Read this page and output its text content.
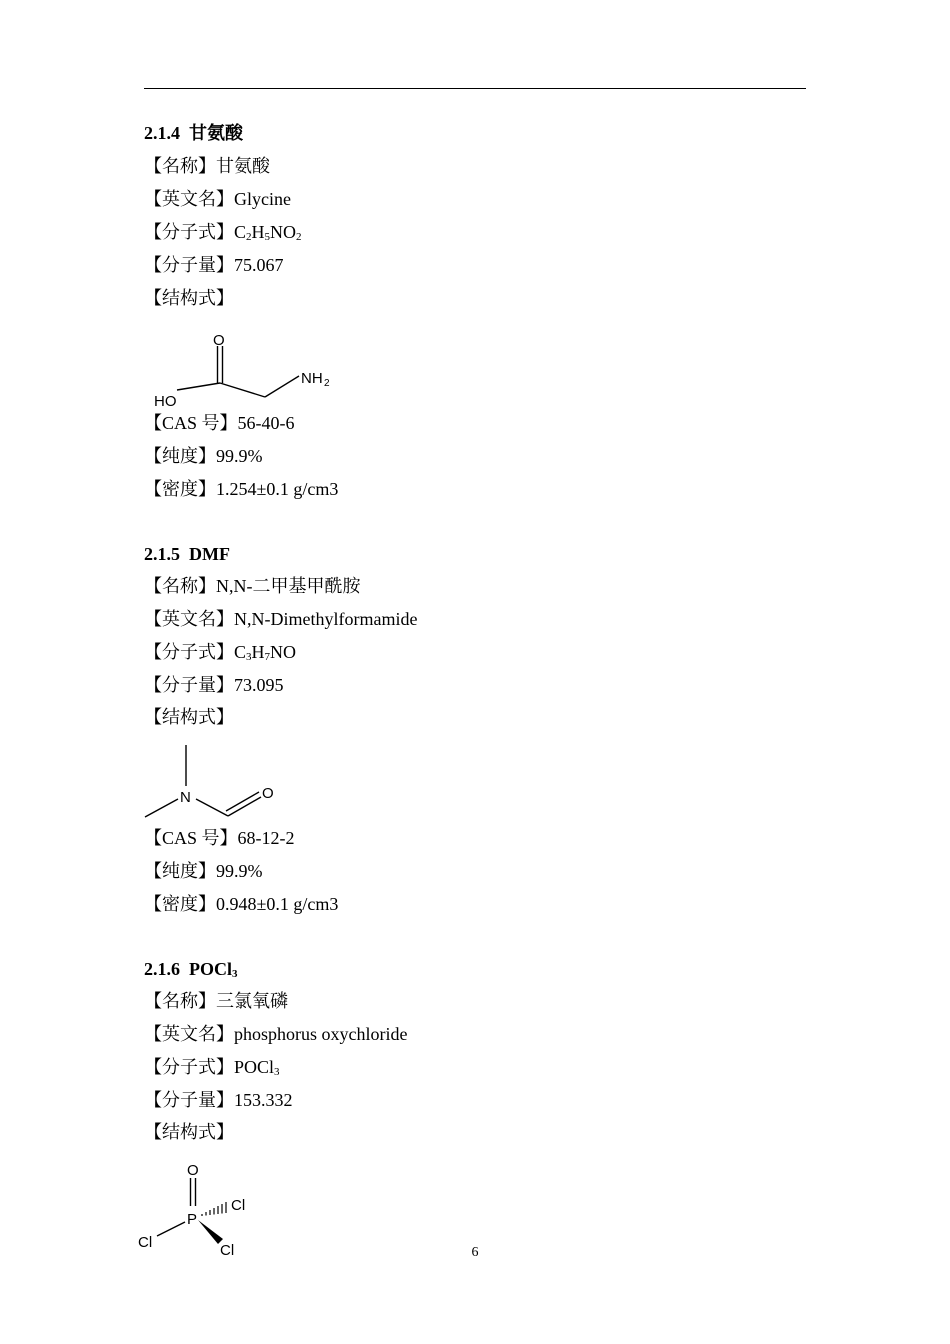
2.1.4 甘氨酸
【名称】甘氨酸
【英文名】Glycine
【分子式】$C_2H_5NO_2$
【分子量】75.067
【结构式】
O
NH 2
HO
【CAS 号】56-40-6
【纯度】99.9%
【密度】1.254±0.1 g/cm3
2.1.5 DMF
【名称】N,N-二甲基甲酰胺
【英文名】N,N-Dimethylformamide
【分子式】$C_3H_7NO$
【分子量】73.095
【结构式】
N	O
【CAS 号】68-12-2
【纯度】99.9%
【密度】0.948±0.1 g/cm3
2.1.6 POCl$_3$
【名称】三氯氧磷
【英文名】phosphorus oxychloride
【分子式】POCl$_3$
【分子量】153.332
【结构式】
O
P
Cl
Cl	Cl	6
